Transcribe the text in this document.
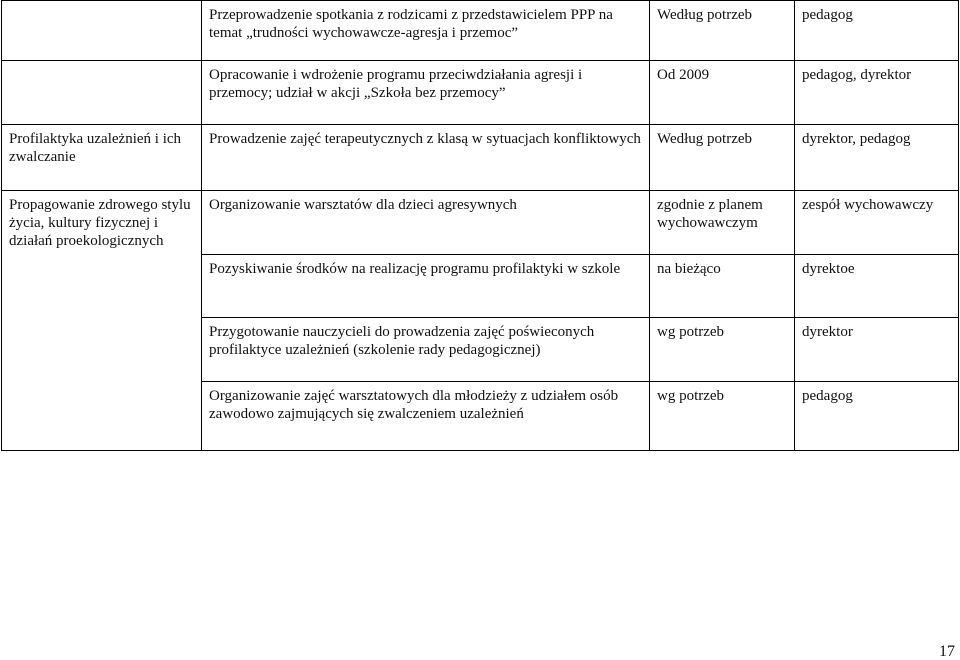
	Przeprowadzenie spotkania z rodzicami z przedstawicielem PPP na temat „trudności wychowawcze-agresja i przemoc”	Według potrzeb	pedagog

	Opracowanie i wdrożenie programu przeciwdziałania agresji i przemocy; udział w akcji „Szkoła bez przemocy”	Od 2009	pedagog, dyrektor

Profilaktyka uzależnień i ich zwalczanie	Prowadzenie zajęć terapeutycznych z klasą w sytuacjach konfliktowych	Według potrzeb	dyrektor, pedagog

Propagowanie zdrowego stylu życia, kultury fizycznej i działań proekologicznych	Organizowanie warsztatów dla dzieci agresywnych	zgodnie z planem wychowawczym	zespół wychowawczy

	Pozyskiwanie środków na realizację programu profilaktyki w szkole	na bieżąco	dyrektoe

	Przygotowanie nauczycieli do prowadzenia zajęć poświeconych profilaktyce uzależnień (szkolenie rady pedagogicznej)	wg potrzeb	dyrektor

	Organizowanie zajęć warsztatowych dla młodzieży z udziałem osób zawodowo zajmujących się zwalczeniem uzależnień	wg potrzeb	pedagog
17
